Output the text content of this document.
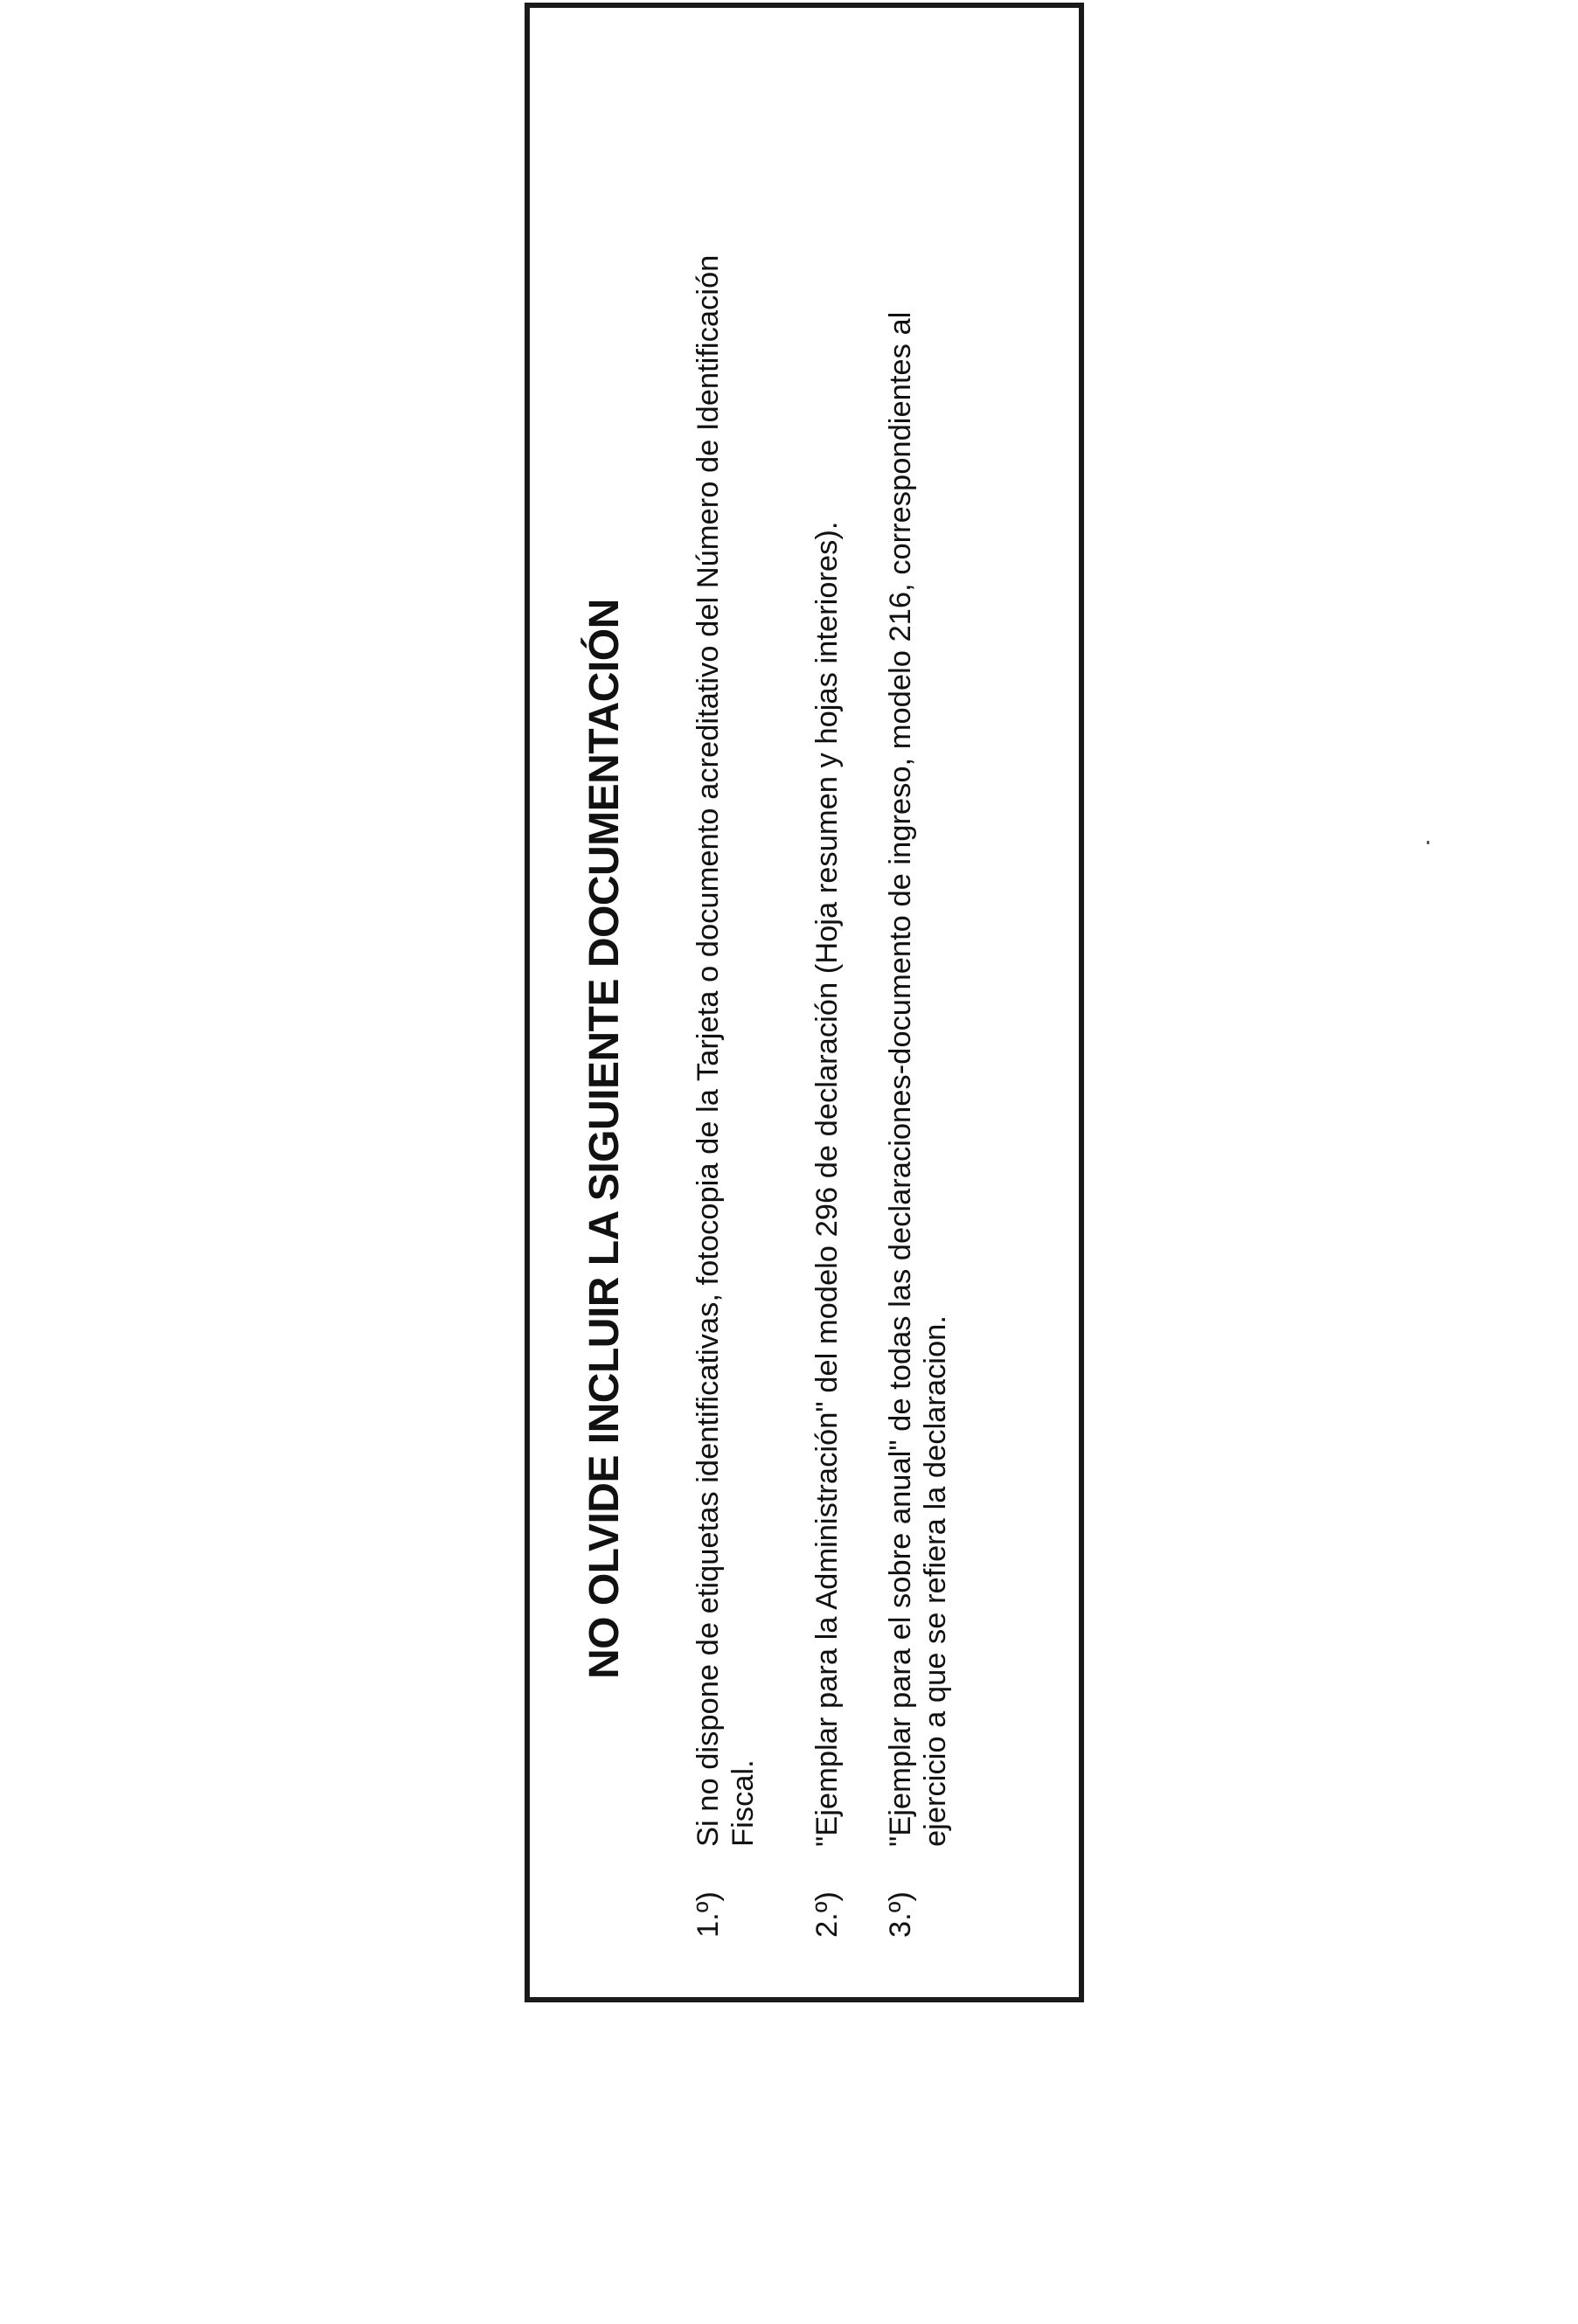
NO OLVIDE INCLUIR LA SIGUIENTE DOCUMENTACIÓN
1.º)
Si no dispone de etiquetas identificativas, fotocopia de la Tarjeta o documento acreditativo del Número de Identificación Fiscal.
2.º)
"Ejemplar para la Administración" del modelo 296 de declaración (Hoja resumen y hojas interiores).
3.º)
"Ejemplar para el sobre anual" de todas las declaraciones-documento de ingreso, modelo 216, correspondientes al ejercicio a que se refiera la declaracion.
